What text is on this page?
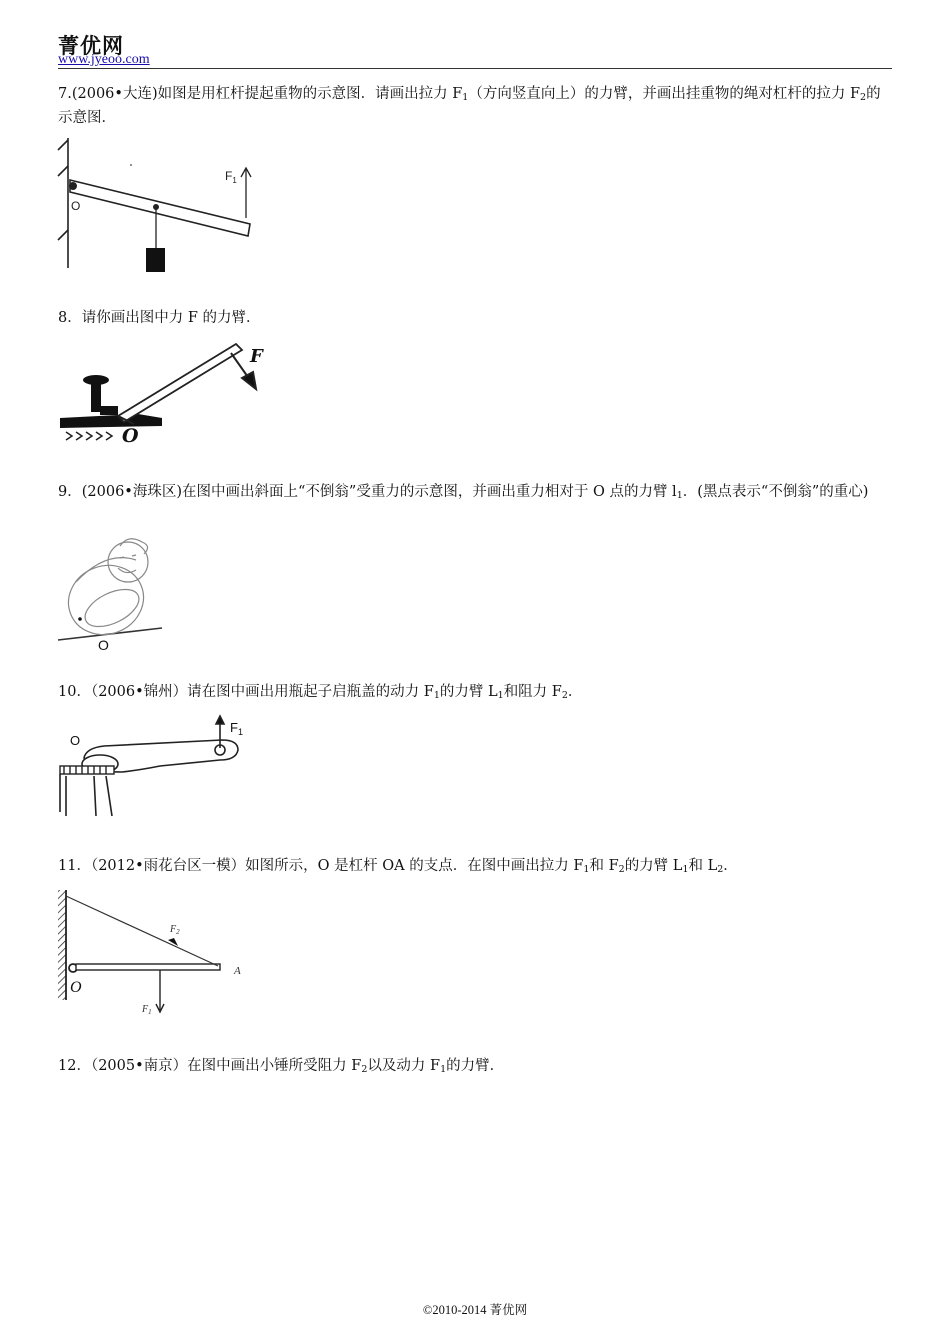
菁优网
www.jyeoo.com
7.(2006•大连)如图是用杠杆提起重物的示意图．请画出拉力 $F_1$（方向竖直向上）的力臂，并画出挂重物的绳对杠杆的拉力 $F_2$的示意图．
O
$F_1$
8．请你画出图中力 F 的力臂．
F
O
9．(2006•海珠区)在图中画出斜面上“不倒翁”受重力的示意图，并画出重力相对于 O 点的力臂 $l_1$．(黑点表示“不倒翁”的重心)
O
10．（2006•锦州）请在图中画出用瓶起子启瓶盖的动力 $F_1$的力臂 $L_1$和阻力 $F_2$．
O
$F_1$
11．（2012•雨花台区一模）如图所示，O 是杠杆 OA 的支点．在图中画出拉力 $F_1$和 $F_2$的力臂 $L_1$和 $L_2$．
O
A
$F_2$
$F_1$
12．（2005•南京）在图中画出小锤所受阻力 $F_2$以及动力 $F_1$的力臂．
©2010-2014 菁优网
